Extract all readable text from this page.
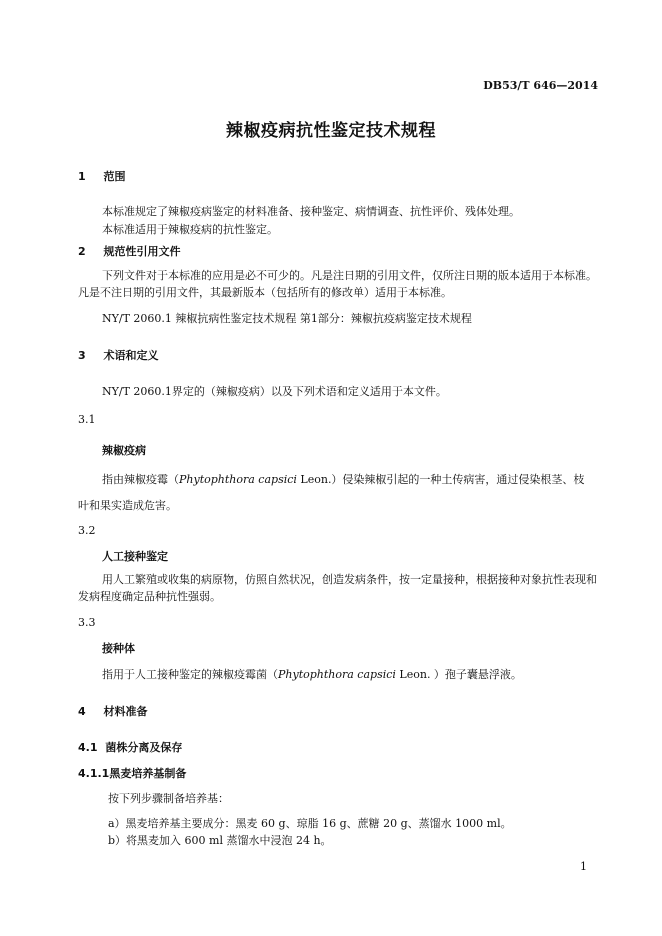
DB53/T 646—2014
辣椒疫病抗性鉴定技术规程
1 范围
本标准规定了辣椒疫病鉴定的材料准备、接种鉴定、病情调查、抗性评价、残体处理。
本标准适用于辣椒疫病的抗性鉴定。
2 规范性引用文件
下列文件对于本标准的应用是必不可少的。凡是注日期的引用文件，仅所注日期的版本适用于本标准。凡是不注日期的引用文件，其最新版本（包括所有的修改单）适用于本标准。
NY/T 2060.1 辣椒抗病性鉴定技术规程 第1部分：辣椒抗疫病鉴定技术规程
3 术语和定义
NY/T 2060.1界定的（辣椒疫病）以及下列术语和定义适用于本文件。
3.1
辣椒疫病
指由辣椒疫霉（Phytophthora capsici Leon.）侵染辣椒引起的一种土传病害，通过侵染根茎、枝
叶和果实造成危害。
3.2
人工接种鉴定
用人工繁殖或收集的病原物，仿照自然状况，创造发病条件，按一定量接种，根据接种对象抗性表现和发病程度确定品种抗性强弱。
3.3
接种体
指用于人工接种鉴定的辣椒疫霉菌（Phytophthora capsici Leon. ）孢子囊悬浮液。
4 材料准备
4.1 菌株分离及保存
4.1.1黑麦培养基制备
按下列步骤制备培养基：
a）黑麦培养基主要成分：黑麦 60 g、琼脂 16 g、蔗糖 20 g、蒸馏水 1000 ml。
b）将黑麦加入 600 ml 蒸馏水中浸泡 24 h。
1
